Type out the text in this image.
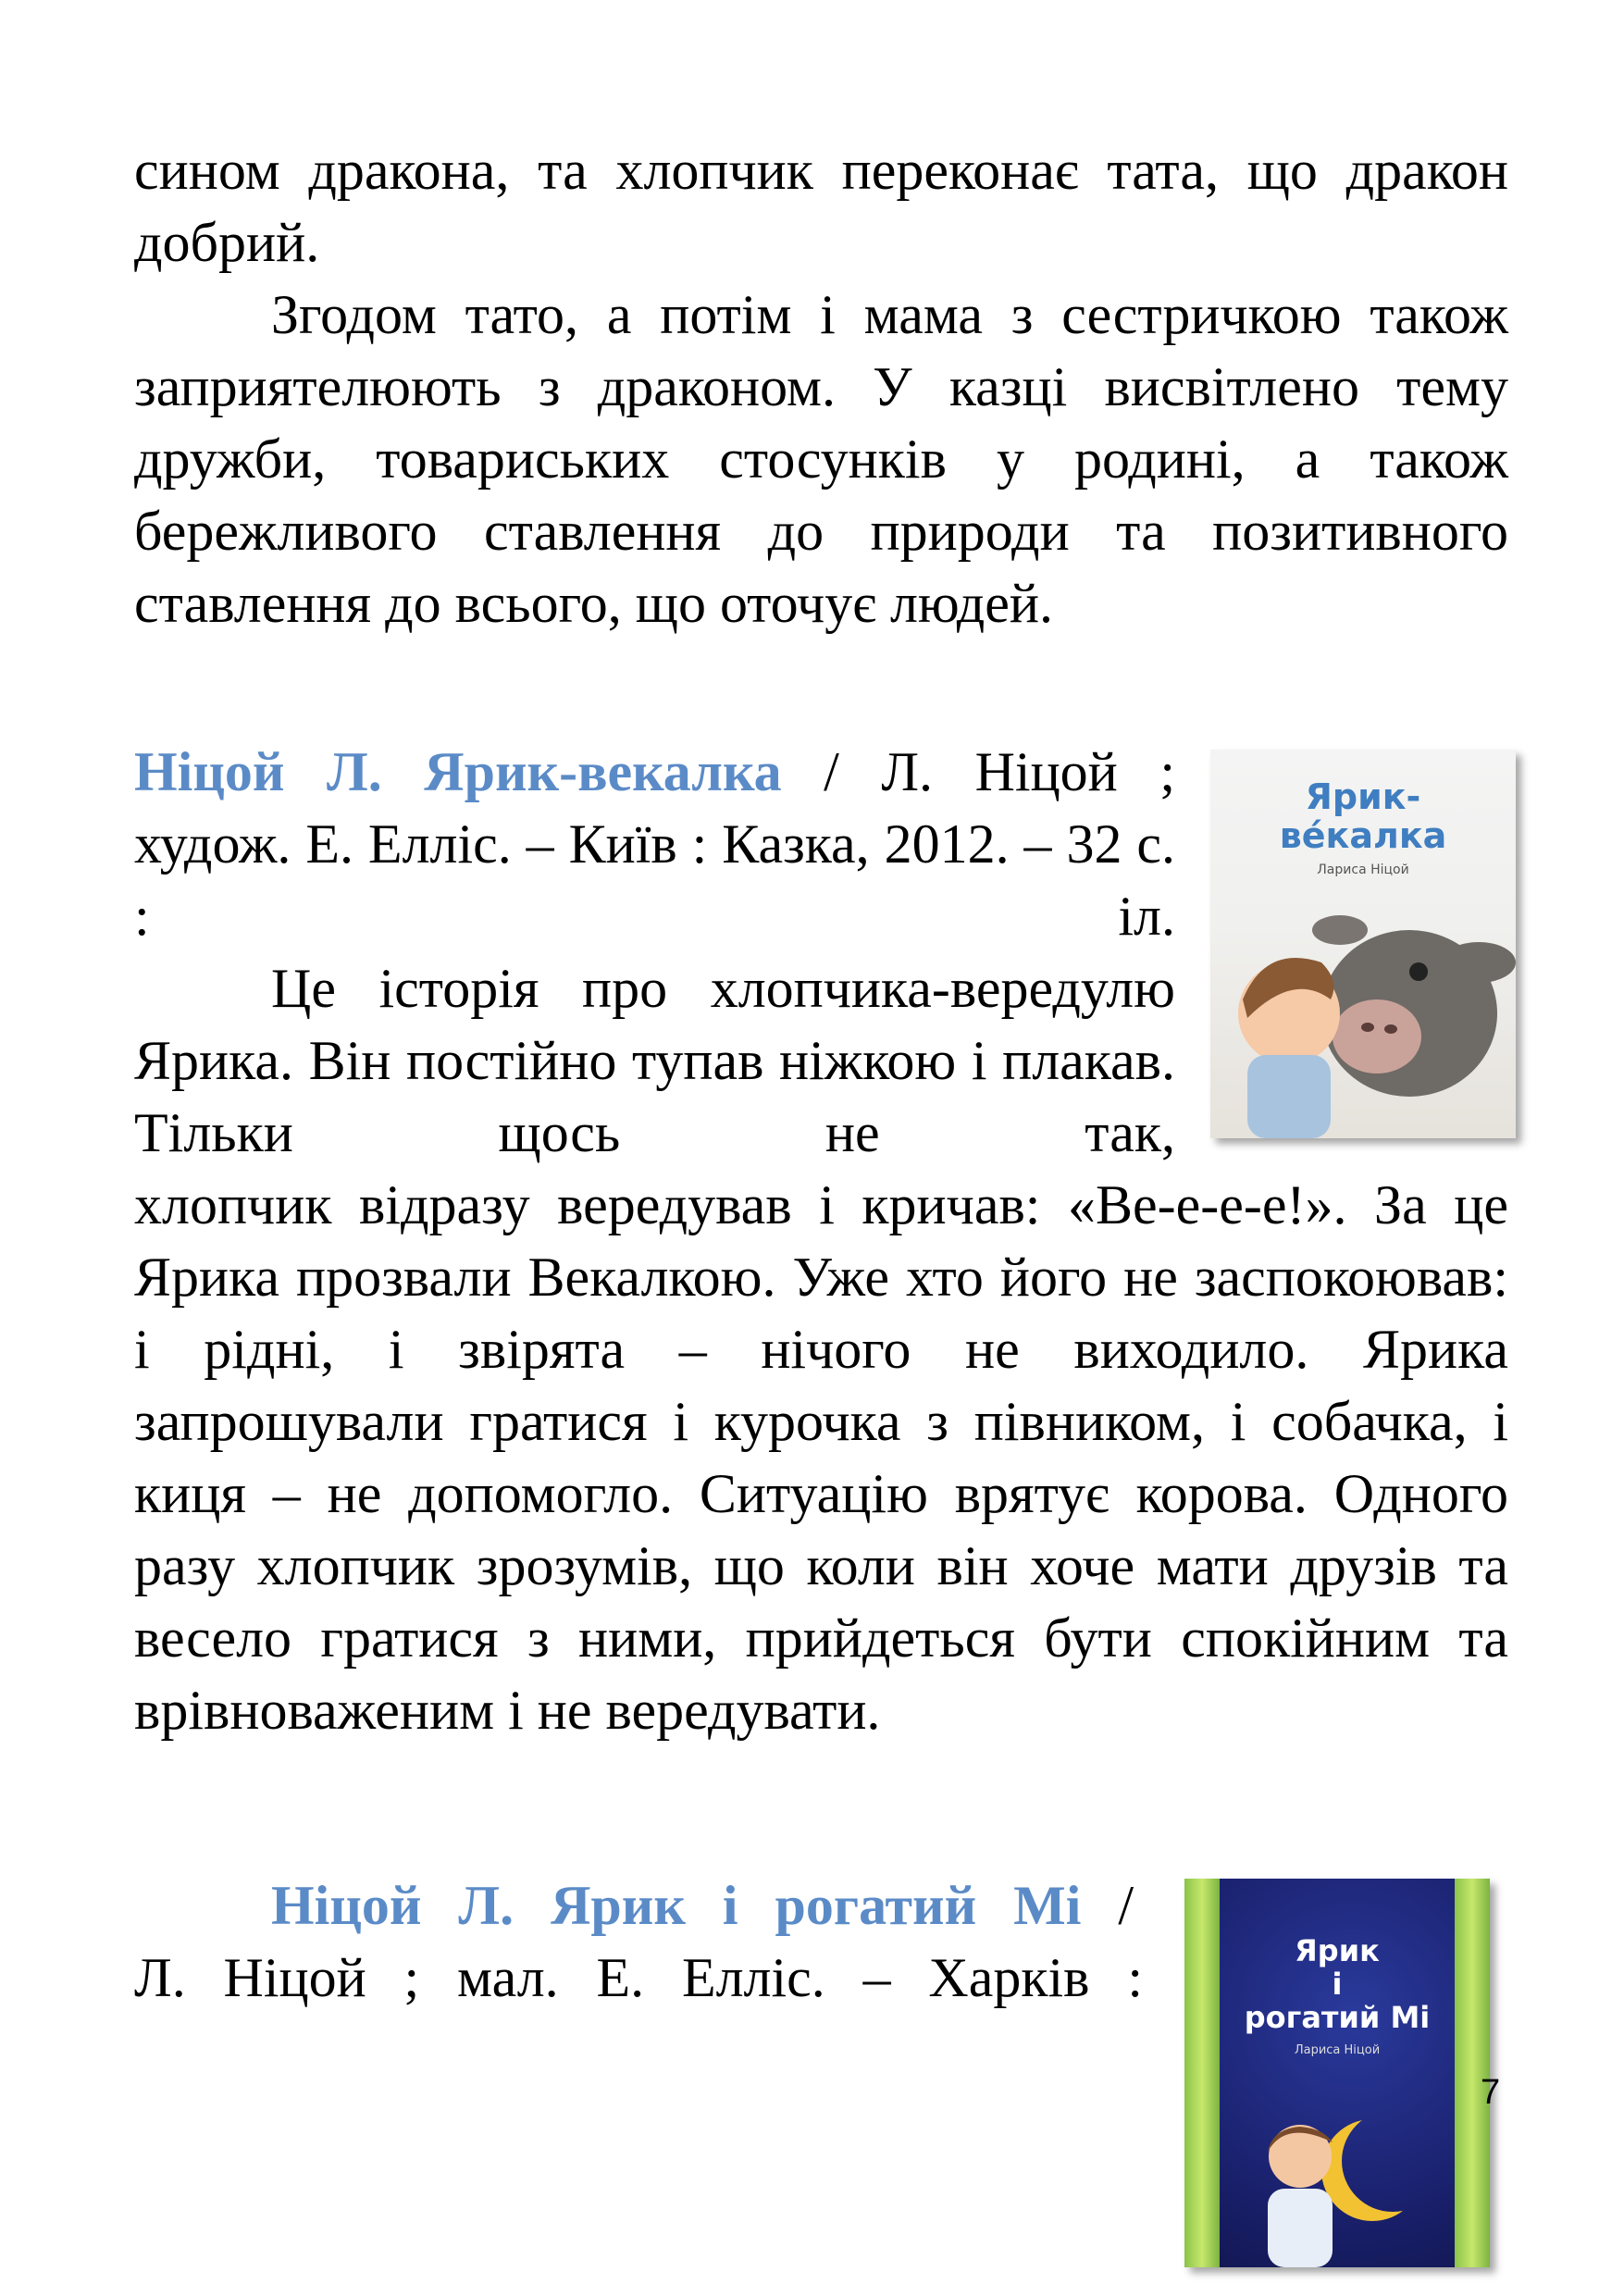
сином дракона, та хлопчик переконає тата, що дракон добрий.

Згодом тато, а потім і мама з сестричкою також заприятелюють з драконом. У казці висвітлено тему дружби, товариських стосунків у родині, а також бережливого ставлення до природи та позитивного ставлення до всього, що оточує людей.

Ніцой Л. Ярик-векалка / Л. Ніцой ; худож. Е. Елліс. – Київ : Казка, 2012. – 32 с. : іл.

Це історія про хлопчика-вередулю Ярика. Він постійно тупав ніжкою і плакав. Тільки щось не так,

хлопчик відразу вередував і кричав: «Ве-е-е-е!». За це Ярика прозвали Векалкою. Уже хто його не заспокоював: і рідні, і звірята – нічого не виходило. Ярика запрошували гратися і курочка з півником, і собачка, і киця – не допомогло. Ситуацію врятує корова. Одного разу хлопчик зрозумів, що коли він хоче мати друзів та весело гратися з ними, прийдеться бути спокійним та врівноваженим і не вередувати.

Ярик-
ве́калка
Лариса Ніцой

Ніцой Л. Ярик і рогатий Мі /

Л. Ніцой ; мал. Е. Елліс. – Харків :	Ярик
і
рогатий Мі
Лариса Ніцой
7
